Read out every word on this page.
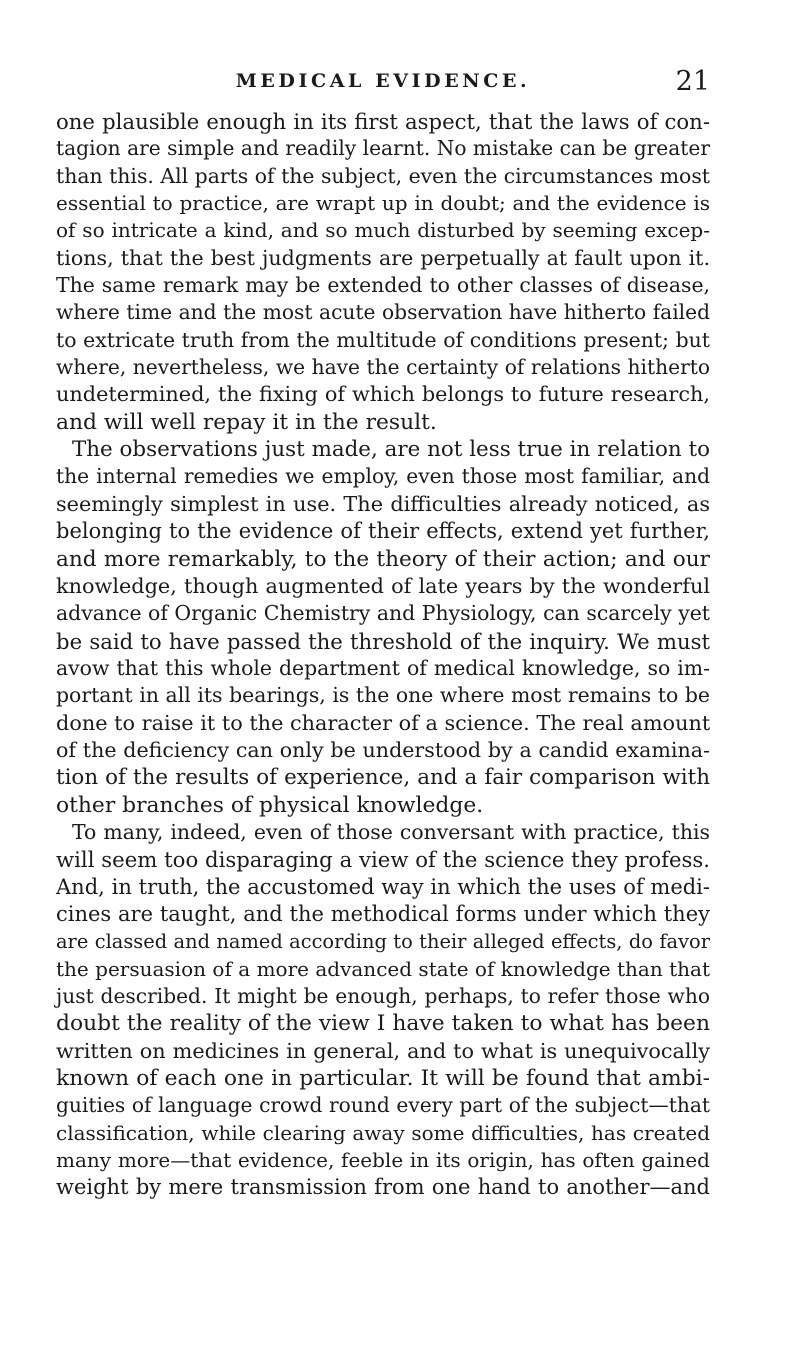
MEDICAL EVIDENCE.	21
one plausible enough in its first aspect, that the laws of con-
tagion are simple and readily learnt. No mistake can be greater
than this. All parts of the subject, even the circumstances most
essential to practice, are wrapt up in doubt; and the evidence is
of so intricate a kind, and so much disturbed by seeming excep-
tions, that the best judgments are perpetually at fault upon it.
The same remark may be extended to other classes of disease,
where time and the most acute observation have hitherto failed
to extricate truth from the multitude of conditions present; but
where, nevertheless, we have the certainty of relations hitherto
undetermined, the fixing of which belongs to future research,
and will well repay it in the result.
The observations just made, are not less true in relation to
the internal remedies we employ, even those most familiar, and
seemingly simplest in use. The difficulties already noticed, as
belonging to the evidence of their effects, extend yet further,
and more remarkably, to the theory of their action; and our
knowledge, though augmented of late years by the wonderful
advance of Organic Chemistry and Physiology, can scarcely yet
be said to have passed the threshold of the inquiry. We must
avow that this whole department of medical knowledge, so im-
portant in all its bearings, is the one where most remains to be
done to raise it to the character of a science. The real amount
of the deficiency can only be understood by a candid examina-
tion of the results of experience, and a fair comparison with
other branches of physical knowledge.
To many, indeed, even of those conversant with practice, this
will seem too disparaging a view of the science they profess.
And, in truth, the accustomed way in which the uses of medi-
cines are taught, and the methodical forms under which they
are classed and named according to their alleged effects, do favor
the persuasion of a more advanced state of knowledge than that
just described. It might be enough, perhaps, to refer those who
doubt the reality of the view I have taken to what has been
written on medicines in general, and to what is unequivocally
known of each one in particular. It will be found that ambi-
guities of language crowd round every part of the subject—that
classification, while clearing away some difficulties, has created
many more—that evidence, feeble in its origin, has often gained
weight by mere transmission from one hand to another—and
